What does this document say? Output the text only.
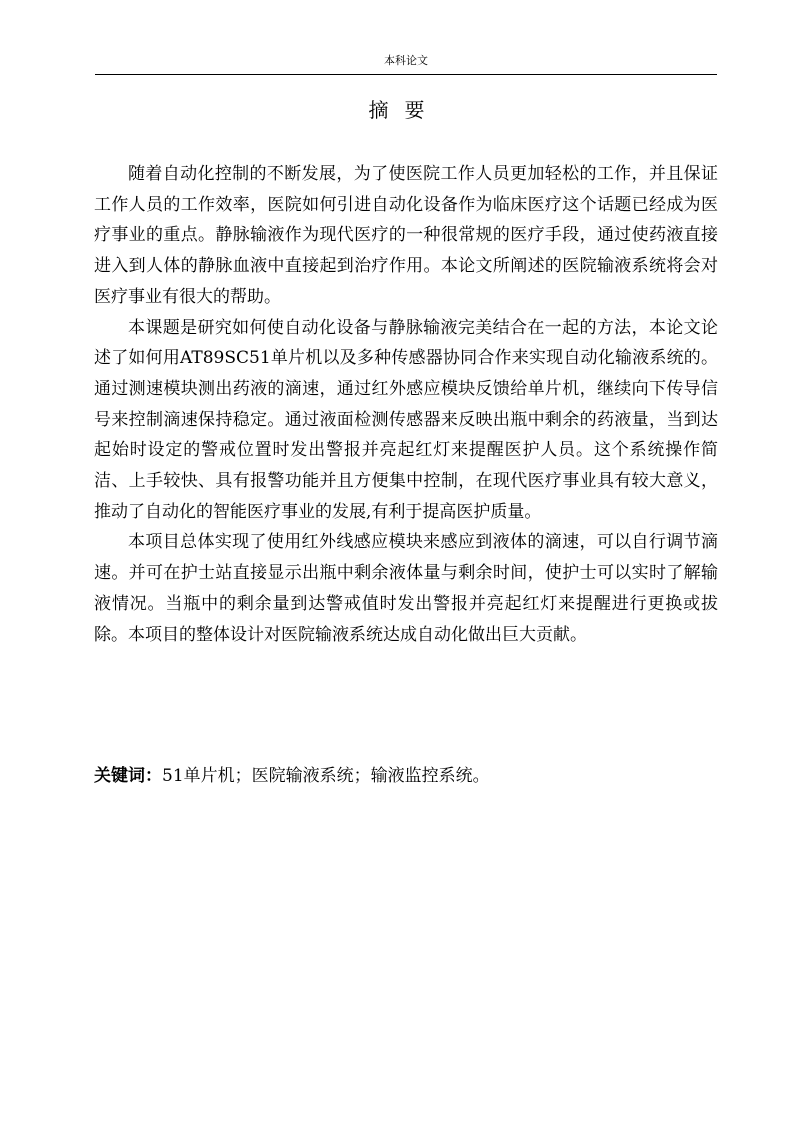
本科论文
摘要

随着自动化控制的不断发展，为了使医院工作人员更加轻松的工作，并且保证工作人员的工作效率，医院如何引进自动化设备作为临床医疗这个话题已经成为医疗事业的重点。静脉输液作为现代医疗的一种很常规的医疗手段，通过使药液直接进入到人体的静脉血液中直接起到治疗作用。本论文所阐述的医院输液系统将会对医疗事业有很大的帮助。

本课题是研究如何使自动化设备与静脉输液完美结合在一起的方法，本论文论述了如何用AT89SC51单片机以及多种传感器协同合作来实现自动化输液系统的。通过测速模块测出药液的滴速，通过红外感应模块反馈给单片机，继续向下传导信号来控制滴速保持稳定。通过液面检测传感器来反映出瓶中剩余的药液量，当到达起始时设定的警戒位置时发出警报并亮起红灯来提醒医护人员。这个系统操作简洁、上手较快、具有报警功能并且方便集中控制，在现代医疗事业具有较大意义，推动了自动化的智能医疗事业的发展,有利于提高医护质量。

本项目总体实现了使用红外线感应模块来感应到液体的滴速，可以自行调节滴速。并可在护士站直接显示出瓶中剩余液体量与剩余时间，使护士可以实时了解输液情况。当瓶中的剩余量到达警戒值时发出警报并亮起红灯来提醒进行更换或拔除。本项目的整体设计对医院输液系统达成自动化做出巨大贡献。

关键词：51单片机；医院输液系统；输液监控系统。
